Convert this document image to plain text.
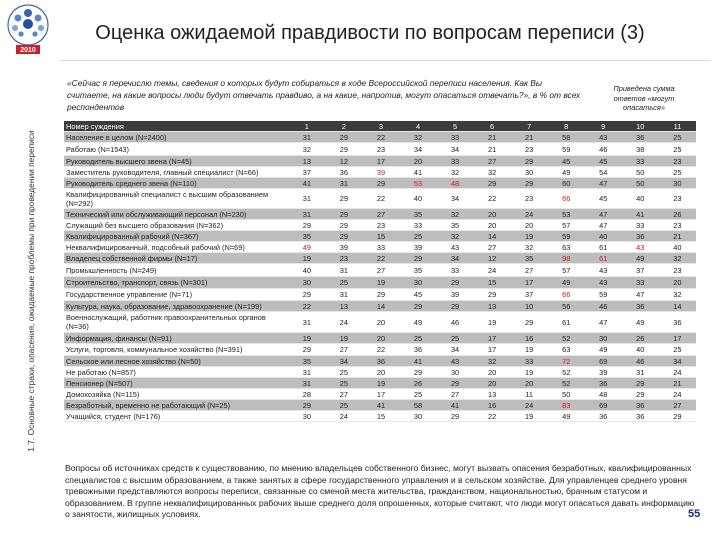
2010
Оценка ожидаемой правдивости по вопросам переписи (3)
1.7. Основные страхи, опасения, ожидаемые проблемы при проведении переписи
«Сейчас я перечислю темы, сведения о которых будут собираться в ходе Всероссийской переписи населения. Как Вы считаете, на какие вопросы люди будут отвечать правдиво, а на какие, напротив, могут опасаться отвечать?», в % от всех респондентов
Приведена сумма ответов «могут опасаться»
Номер суждения	1	2	3	4	5	6	7	8	9	10	11
Население в целом (N=2400)	31	29	22	32	33	21	21	58	43	36	25
Работаю (N=1543)	32	29	23	34	34	21	23	59	46	38	25
Руководитель высшего звена (N=45)	13	12	17	20	33	27	29	45	45	33	23
Заместитель руководителя, главный специалист (N=66)	37	36	39	41	32	32	30	49	54	50	25
Руководитель среднего звена (N=110)	41	31	29	53	48	29	29	60	47	50	30
Квалифицированный специалист с высшим образованием (N=292)	31	29	22	40	34	22	23	66	45	40	23
Технический или обслуживающий персонал (N=230)	31	29	27	35	32	20	24	53	47	41	26
Служащий без высшего образования (N=362)	29	29	23	33	35	20	20	57	47	33	23
Квалифицированный рабочий (N=367)	35	29	15	25	32	14	19	59	40	36	21
Неквалифицированный, подсобный рабочий (N=69)	49	39	33	39	43	27	32	63	61	43	40
Владелец собственной фирмы (N=17)	19	23	22	29	34	12	35	98	61	49	32
Промышленность (N=249)	40	31	27	35	33	24	27	57	43	37	23
Строительство, транспорт, связь (N=301)	30	25	19	30	29	15	17	49	43	33	20
Государственное управление (N=71)	29	31	29	45	39	29	37	66	59	47	32
Культура, наука, образование, здравоохранение (N=199)	22	13	14	29	29	13	10	56	46	36	14
Военнослужащий, работник правоохранительных органов (N=36)	31	24	20	49	46	19	29	61	47	49	36
Информация, финансы (N=91)	19	19	20	25	25	17	16	52	30	26	17
Услуги, торговля, коммунальное хозяйство (N=391)	29	27	22	36	34	17	19	63	49	40	25
Сельское или лесное хозяйство (N=50)	35	34	36	41	43	32	33	72	69	46	34
Не работаю (N=857)	31	25	20	29	30	20	19	52	39	31	24
Пенсионер (N=507)	31	25	19	26	29	20	20	52	36	29	21
Домохозяйка (N=115)	28	27	17	25	27	13	11	50	48	29	24
Безработный, временно не работающий (N=25)	29	25	41	58	41	16	24	83	69	36	27
Учащийся, студент (N=176)	30	24	15	30	29	22	19	49	36	36	29
Вопросы об источниках средств к существованию, по мнению владельцев собственного бизнес, могут вызвать опасения безработных, квалифицированных специалистов с высшим образованием, а также занятых в сфере государственного управления и в сельском хозяйстве. Для управленцев среднего уровня тревожными представляются вопросы переписи, связанные со сменой места жительства, гражданством, национальностью, брачным статусом и образованием. В группе неквалифицированных рабочих выше среднего доля опрошенных, которые считают, что люди могут опасаться давать информацию о занятости, жилищных условиях.	55
